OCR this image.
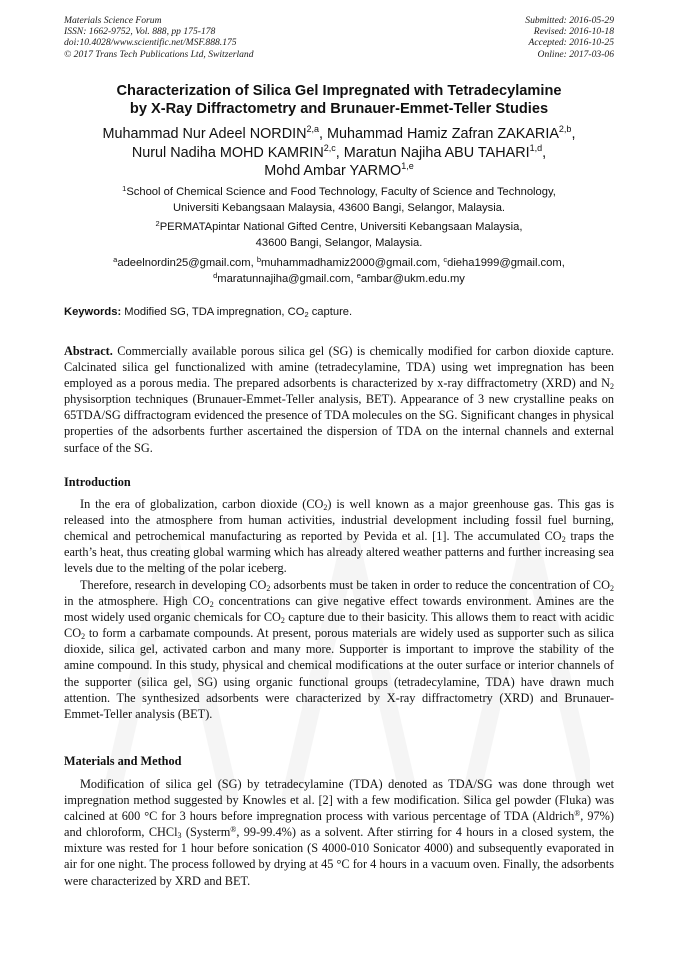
Materials Science Forum
ISSN: 1662-9752, Vol. 888, pp 175-178
doi:10.4028/www.scientific.net/MSF.888.175
© 2017 Trans Tech Publications Ltd, Switzerland
Submitted: 2016-05-29
Revised: 2016-10-18
Accepted: 2016-10-25
Online: 2017-03-06
Characterization of Silica Gel Impregnated with Tetradecylamine
by X-Ray Diffractometry and Brunauer-Emmet-Teller Studies
Muhammad Nur Adeel NORDIN$^{2,a}$, Muhammad Hamiz Zafran ZAKARIA$^{2,b}$,
Nurul Nadiha MOHD KAMRIN$^{2,c}$, Maratun Najiha ABU TAHARI$^{1,d}$,
Mohd Ambar YARMO$^{1,e}$
$^1$School of Chemical Science and Food Technology, Faculty of Science and Technology,
Universiti Kebangsaan Malaysia, 43600 Bangi, Selangor, Malaysia.
$^2$PERMATApintar National Gifted Centre, Universiti Kebangsaan Malaysia,
43600 Bangi, Selangor, Malaysia.
$^a$adeelnordin25@gmail.com, $^b$muhammadhamiz2000@gmail.com, $^c$dieha1999@gmail.com,
$^d$maratunnajiha@gmail.com, $^e$ambar@ukm.edu.my
Keywords: Modified SG, TDA impregnation, $CO_2$ capture.
Abstract. Commercially available porous silica gel (SG) is chemically modified for carbon dioxide capture. Calcinated silica gel functionalized with amine (tetradecylamine, TDA) using wet impregnation has been employed as a porous media. The prepared adsorbents is characterized by x-ray diffractometry (XRD) and $N_2$ physisorption techniques (Brunauer-Emmet-Teller analysis, BET). Appearance of 3 new crystalline peaks on 65TDA/SG diffractogram evidenced the presence of TDA molecules on the SG. Significant changes in physical properties of the adsorbents further ascertained the dispersion of TDA on the internal channels and external surface of the SG.
Introduction

In the era of globalization, carbon dioxide $(CO_2)$ is well known as a major greenhouse gas. This gas is released into the atmosphere from human activities, industrial development including fossil fuel burning, chemical and petrochemical manufacturing as reported by Pevida et al. [1]. The accumulated $CO_2$ traps the earth’s heat, thus creating global warming which has already altered weather patterns and further increasing sea levels due to the melting of the polar iceberg.

Therefore, research in developing $CO_2$ adsorbents must be taken in order to reduce the concentration of $CO_2$ in the atmosphere. High $CO_2$ concentrations can give negative effect towards environment. Amines are the most widely used organic chemicals for $CO_2$ capture due to their basicity. This allows them to react with acidic $CO_2$ to form a carbamate compounds. At present, porous materials are widely used as supporter such as silica dioxide, silica gel, activated carbon and many more. Supporter is important to improve the stability of the amine compound. In this study, physical and chemical modifications at the outer surface or interior channels of the supporter (silica gel, SG) using organic functional groups (tetradecylamine, TDA) have drawn much attention. The synthesized adsorbents were characterized by X-ray diffractometry (XRD) and Brunauer-Emmet-Teller analysis (BET).

Materials and Method

Modification of silica gel (SG) by tetradecylamine (TDA) denoted as TDA/SG was done through wet impregnation method suggested by Knowles et al. [2] with a few modification. Silica gel powder (Fluka) was calcined at 600 °C for 3 hours before impregnation process with various percentage of TDA (Aldrich®, 97%) and chloroform, CHCl$_3$ (Systerm®, 99-99.4%) as a solvent. After stirring for 4 hours in a closed system, the mixture was rested for 1 hour before sonication (S 4000-010 Sonicator 4000) and subsequently evaporated in air for one night. The process followed by drying at 45 °C for 4 hours in a vacuum oven. Finally, the adsorbents were characterized by XRD and BET.
